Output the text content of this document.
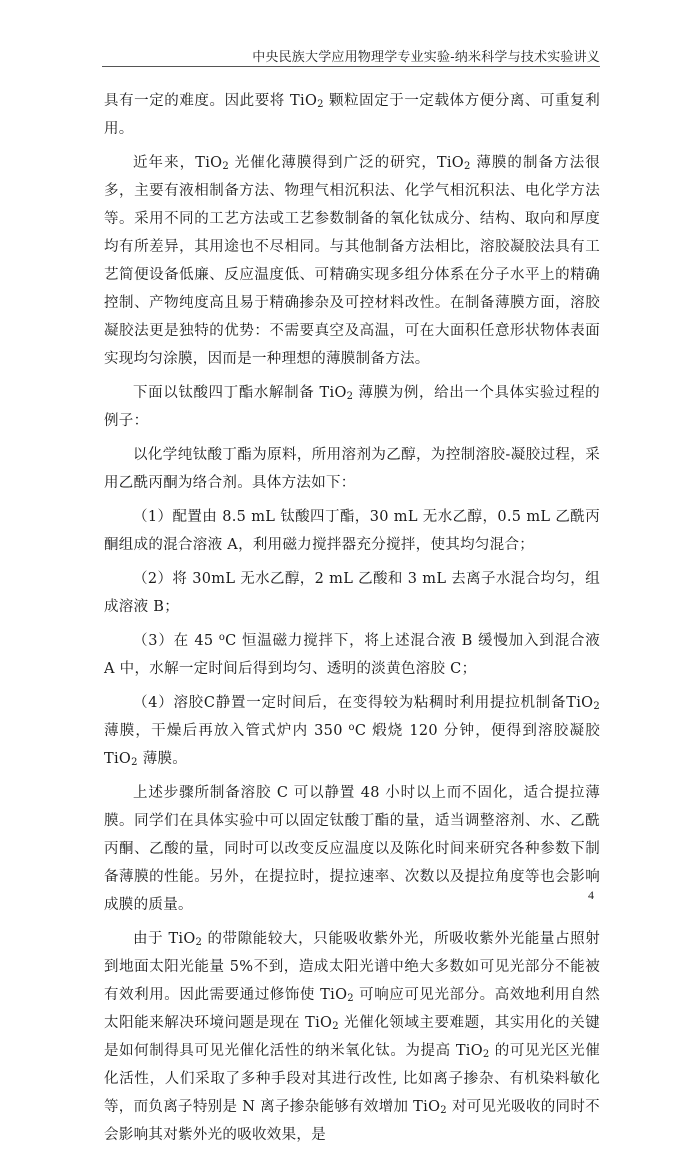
中央民族大学应用物理学专业实验-纳米科学与技术实验讲义

具有一定的难度。因此要将 TiO$_2$ 颗粒固定于一定载体方便分离、可重复利用。

近年来，TiO$_2$ 光催化薄膜得到广泛的研究，TiO$_2$ 薄膜的制备方法很多，主要有液相制备方法、物理气相沉积法、化学气相沉积法、电化学方法等。采用不同的工艺方法或工艺参数制备的氧化钛成分、结构、取向和厚度均有所差异，其用途也不尽相同。与其他制备方法相比，溶胶凝胶法具有工艺简便设备低廉、反应温度低、可精确实现多组分体系在分子水平上的精确控制、产物纯度高且易于精确掺杂及可控材料改性。在制备薄膜方面，溶胶凝胶法更是独特的优势：不需要真空及高温，可在大面积任意形状物体表面实现均匀涂膜，因而是一种理想的薄膜制备方法。

下面以钛酸四丁酯水解制备 TiO$_2$ 薄膜为例，给出一个具体实验过程的例子：

以化学纯钛酸丁酯为原料，所用溶剂为乙醇，为控制溶胶-凝胶过程，采用乙酰丙酮为络合剂。具体方法如下：

（1）配置由 8.5 mL 钛酸四丁酯，30 mL 无水乙醇，0.5 mL 乙酰丙酮组成的混合溶液 A，利用磁力搅拌器充分搅拌，使其均匀混合；

（2）将 30mL 无水乙醇，2 mL 乙酸和 3 mL 去离子水混合均匀，组成溶液 B；

（3）在 45 $^o$C 恒温磁力搅拌下，将上述混合液 B 缓慢加入到混合液 A 中，水解一定时间后得到均匀、透明的淡黄色溶胶 C；

（4）溶胶C静置一定时间后，在变得较为粘稠时利用提拉机制备TiO$_2$薄膜，干燥后再放入管式炉内 350 $^o$C 煅烧 120 分钟，便得到溶胶凝胶 TiO$_2$ 薄膜。

上述步骤所制备溶胶 C 可以静置 48 小时以上而不固化，适合提拉薄膜。同学们在具体实验中可以固定钛酸丁酯的量，适当调整溶剂、水、乙酰丙酮、乙酸的量，同时可以改变反应温度以及陈化时间来研究各种参数下制备薄膜的性能。另外，在提拉时，提拉速率、次数以及提拉角度等也会影响成膜的质量。

由于 TiO$_2$ 的带隙能较大，只能吸收紫外光，所吸收紫外光能量占照射到地面太阳光能量 5%不到，造成太阳光谱中绝大多数如可见光部分不能被有效利用。因此需要通过修饰使 TiO$_2$ 可响应可见光部分。高效地利用自然太阳能来解决环境问题是现在 TiO$_2$ 光催化领域主要难题，其实用化的关键是如何制得具可见光催化活性的纳米氧化钛。为提高 TiO$_2$ 的可见光区光催化活性，人们采取了多种手段对其进行改性, 比如离子掺杂、有机染料敏化等，而负离子特别是 N 离子掺杂能够有效增加 TiO$_2$ 对可见光吸收的同时不会影响其对紫外光的吸收效果，是

4
